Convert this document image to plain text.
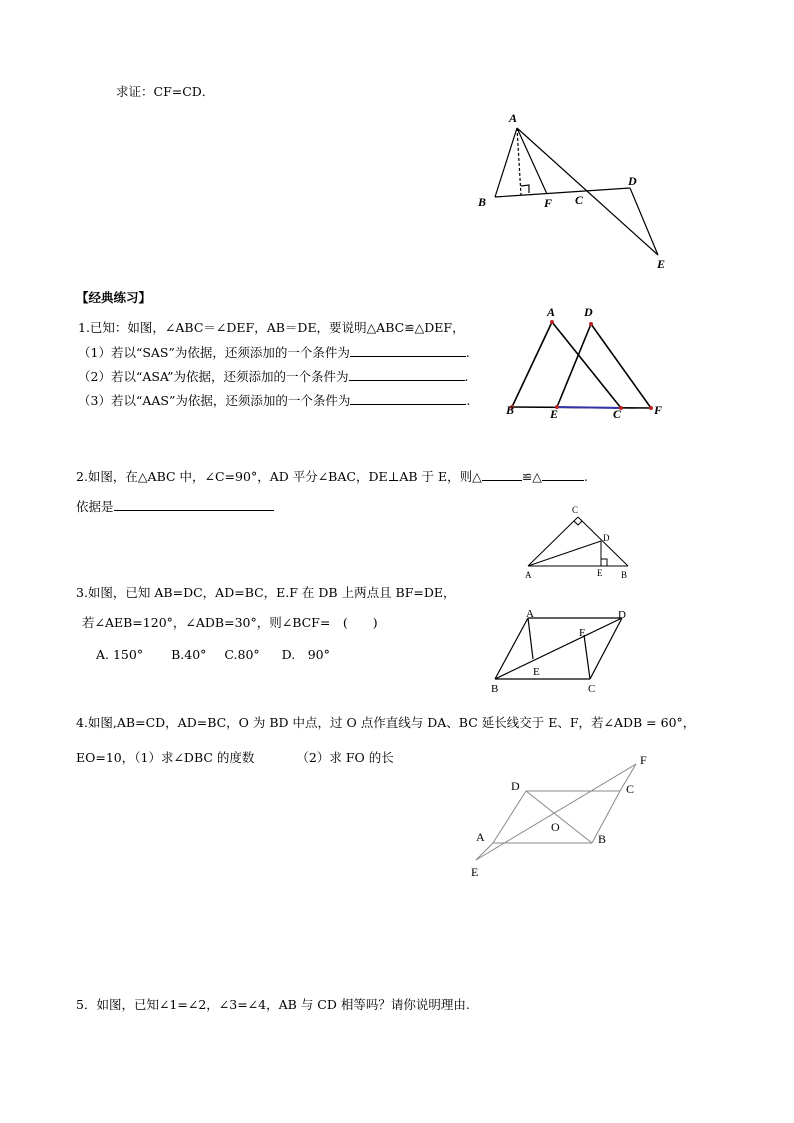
求证：CF=CD．
A
B	F C
D
E
【经典练习】
1.已知：如图，∠ABC＝∠DEF，AB＝DE，要说明△ABC≌△DEF，
（1）若以“SAS”为依据，还须添加的一个条件为	.
（2）若以“ASA”为依据，还须添加的一个条件为	.
（3）若以“AAS”为依据，还须添加的一个条件为	.
A D
B	E	C	F
2.如图，在△ABC 中，∠C=90°，AD 平分∠BAC，DE⊥AB 于 E，则△	≌△	.
依据是	C
D
A	E B
3.如图，已知 AB=DC，AD=BC，E.F 在 DB 上两点且 BF=DE，
若∠AEB=120°，∠ADB=30°，则∠BCF=　(　　)
A. 150° B.40° C.80° D.　90°
A	D
F
E
B	C
4.如图,AB=CD，AD=BC，O 为 BD 中点，过 O 点作直线与 DA、BC 延长线交于 E、F，若∠ADB = 60°，
EO=10，（1）求∠DBC 的度数	（2）求 FO 的长	F
D	C
A
O
B
E
5．如图，已知∠1=∠2，∠3=∠4，AB 与 CD 相等吗？请你说明理由.
